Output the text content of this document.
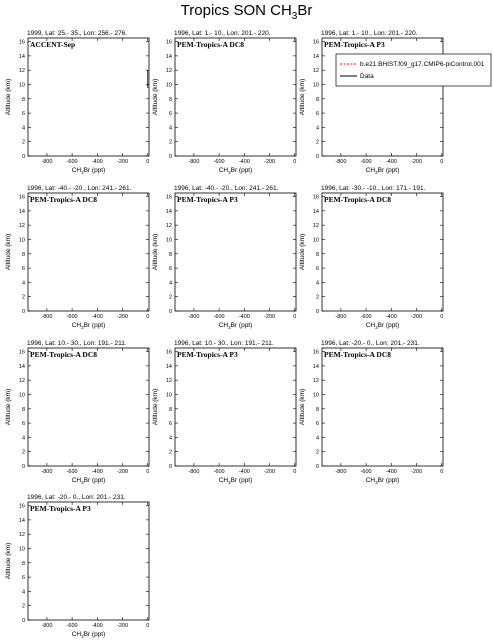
Tropics SON $CH_3Br$
1999, Lat: 25.- 35., Lon: 256.- 276.
ACCENT-Sep
-800	-600	-400	-200	0
0
2
4
6
8
10
12
14
16
$CH_3Br$ (ppt)
Altitude (km)
1996, Lat: 1.- 10., Lon: 201.- 220.
PEM-Tropics-A DC8
-800	-600	-400	-200	0
0
2
4
6
8
10
12
14
16
$CH_3Br$ (ppt)
Altitude (km)
1996, Lat: 1.- 10., Lon: 201.- 220.
PEM-Tropics-A P3
-800	-600	-400	-200	0
0
2
4
6
8
10
12
14
16
$CH_3Br$ (ppt)
Altitude (km)
1996, Lat: -40.- -20., Lon: 241.- 261.
PEM-Tropics-A DC8
-800	-600	-400	-200	0
0
2
4
6
8
10
12
14
16
$CH_3Br$ (ppt)
Altitude (km)
1996, Lat: -40.- -20., Lon: 241.- 261.
PEM-Tropics-A P3
-800	-600	-400	-200	0
0
2
4
6
8
10
12
14
16
$CH_3Br$ (ppt)
Altitude (km)
1996, Lat: -30.- -10., Lon: 171.- 191.
PEM-Tropics-A DC8
-800	-600	-400	-200	0
0
2
4
6
8
10
12
14
16
$CH_3Br$ (ppt)
Altitude (km)
1996, Lat: 10.- 30., Lon: 191.- 211.
PEM-Tropics-A DC8
-800	-600	-400	-200	0
0
2
4
6
8
10
12
14
16
$CH_3Br$ (ppt)
Altitude (km)
1996, Lat: 10.- 30., Lon: 191.- 211.
PEM-Tropics-A P3
-800	-600	-400	-200	0
0
2
4
6
8
10
12
14
16
$CH_3Br$ (ppt)
Altitude (km)
1996, Lat: -20.- 0., Lon: 201.- 231.
PEM-Tropics-A DC8
-800	-600	-400	-200	0
0
2
4
6
8
10
12
14
16
$CH_3Br$ (ppt)
Altitude (km)
1996, Lat: -20.- 0., Lon: 201.- 231.
PEM-Tropics-A P3
-800	-600	-400	-200	0
0
2
4
6
8
10
12
14
16
$CH_3Br$ (ppt)
Altitude (km)
b.e21.BHIST.f09_g17.CMIP6-piControl.001
Data
